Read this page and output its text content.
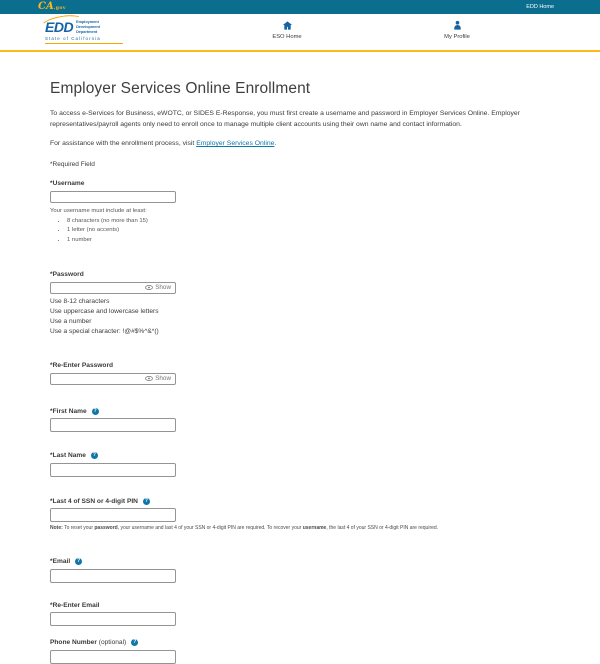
CA.gov	EDD Home
EDD Employment
Development
Department
State of California	ESO Home	My Profile
Employer Services Online Enrollment

To access e-Services for Business, eWOTC, or SIDES E-Response, you must first create a username and password in Employer Services Online. Employer representatives/payroll agents only need to enroll once to manage multiple client accounts using their own name and contact information.

For assistance with the enrollment process, visit Employer Services Online.

*Required Field
*Username
Your username must include at least:
• 8 characters (no more than 15)
• 1 letter (no accents)
• 1 number
*Password
Show
Use 8-12 characters
Use uppercase and lowercase letters
Use a number
Use a special character: !@#$%^&*()
*Re-Enter Password
Show
*First Name	?
*Last Name	?
*Last 4 of SSN or 4-digit PIN	?
Note: To reset your password, your username and last 4 of your SSN or 4-digit PIN are required. To recover your username, the last 4 of your SSN or 4-digit PIN are required.
*Email	?
*Re-Enter Email
Phone Number (optional)	?
